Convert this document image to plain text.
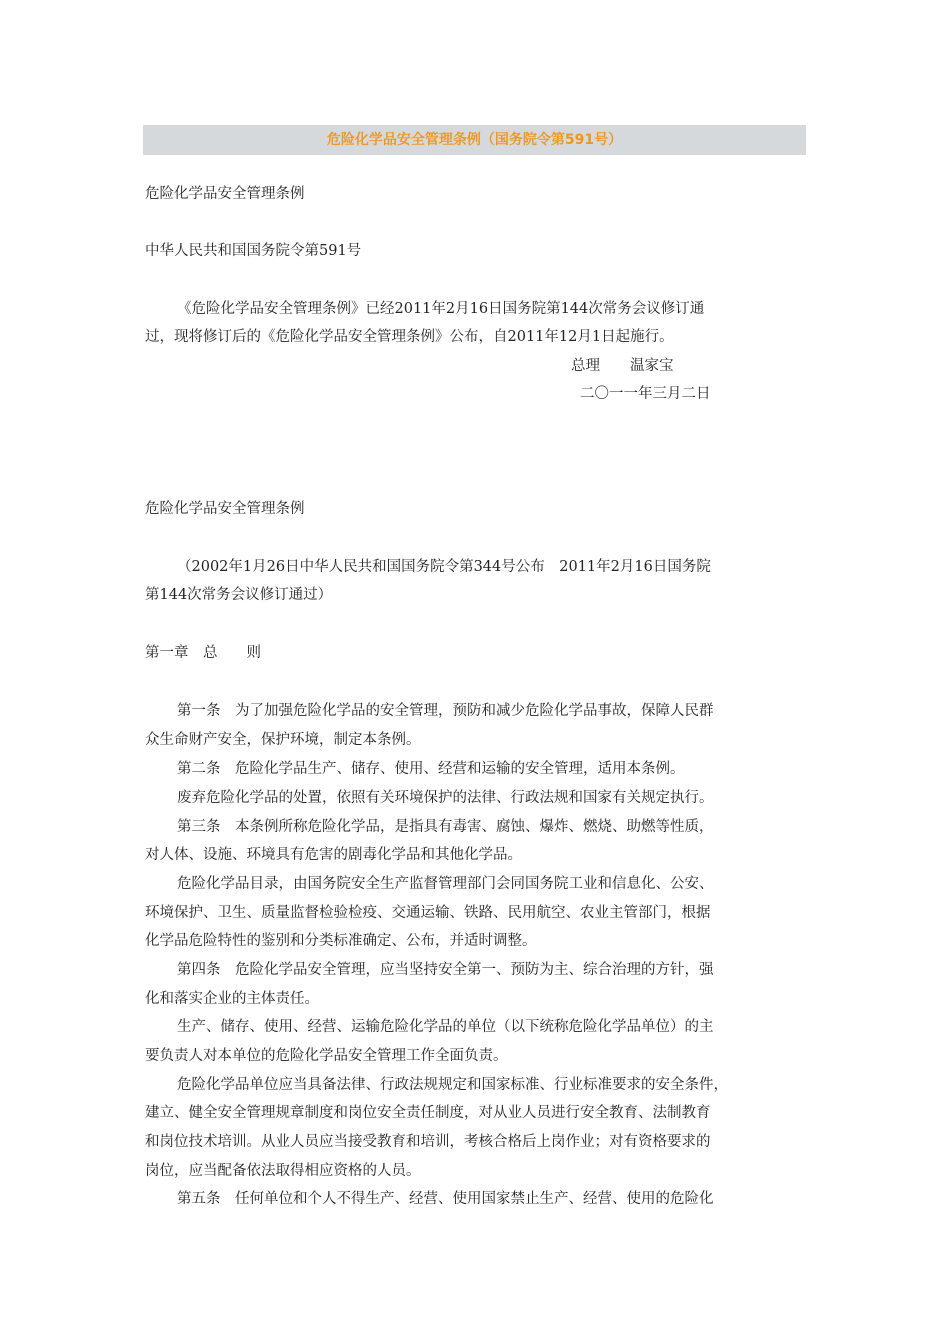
危险化学品安全管理条例（国务院令第591号）
危险化学品安全管理条例
中华人民共和国国务院令第591号
《危险化学品安全管理条例》已经2011年2月16日国务院第144次常务会议修订通
过，现将修订后的《危险化学品安全管理条例》公布，自2011年12月1日起施行。
总理 温家宝
二〇一一年三月二日
危险化学品安全管理条例
（2002年1月26日中华人民共和国国务院令第344号公布　2011年2月16日国务院
第144次常务会议修订通过）
第一章　总　　则
第一条　为了加强危险化学品的安全管理，预防和减少危险化学品事故，保障人民群
众生命财产安全，保护环境，制定本条例。
第二条　危险化学品生产、储存、使用、经营和运输的安全管理，适用本条例。
废弃危险化学品的处置，依照有关环境保护的法律、行政法规和国家有关规定执行。
第三条　本条例所称危险化学品，是指具有毒害、腐蚀、爆炸、燃烧、助燃等性质，
对人体、设施、环境具有危害的剧毒化学品和其他化学品。
危险化学品目录，由国务院安全生产监督管理部门会同国务院工业和信息化、公安、
环境保护、卫生、质量监督检验检疫、交通运输、铁路、民用航空、农业主管部门，根据
化学品危险特性的鉴别和分类标准确定、公布，并适时调整。
第四条　危险化学品安全管理，应当坚持安全第一、预防为主、综合治理的方针，强
化和落实企业的主体责任。
生产、储存、使用、经营、运输危险化学品的单位（以下统称危险化学品单位）的主
要负责人对本单位的危险化学品安全管理工作全面负责。
危险化学品单位应当具备法律、行政法规规定和国家标准、行业标准要求的安全条件，
建立、健全安全管理规章制度和岗位安全责任制度，对从业人员进行安全教育、法制教育
和岗位技术培训。从业人员应当接受教育和培训，考核合格后上岗作业；对有资格要求的
岗位，应当配备依法取得相应资格的人员。
第五条　任何单位和个人不得生产、经营、使用国家禁止生产、经营、使用的危险化
